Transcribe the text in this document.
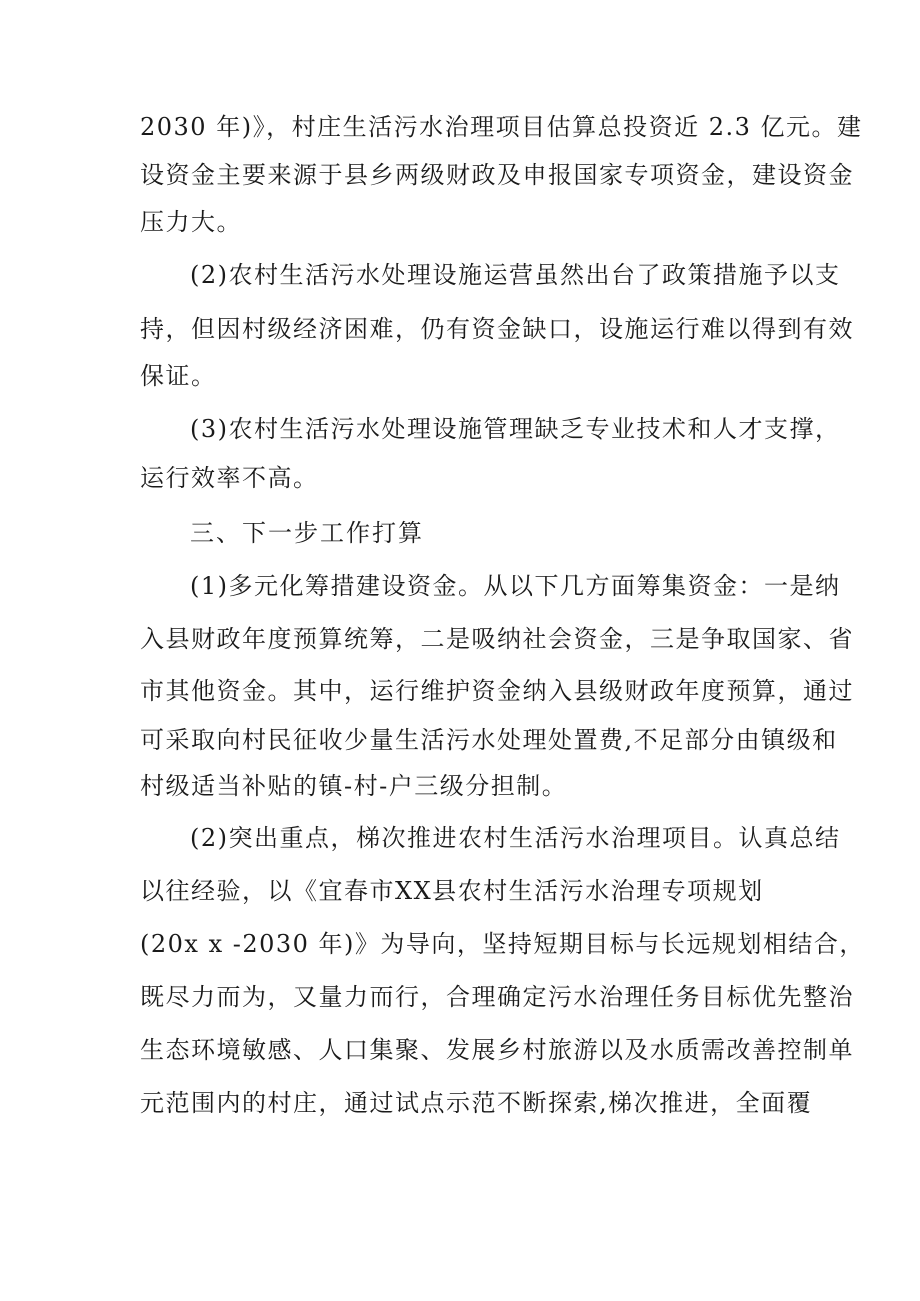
2030 年)》，村庄生活污水治理项目估算总投资近 2.3 亿元。建
设资金主要来源于县乡两级财政及申报国家专项资金，建设资金
压力大。
(2)农村生活污水处理设施运营虽然出台了政策措施予以支
持，但因村级经济困难，仍有资金缺口，设施运行难以得到有效
保证。
(3)农村生活污水处理设施管理缺乏专业技术和人才支撑，
运行效率不高。
三、下一步工作打算
(1)多元化筹措建设资金。从以下几方面筹集资金：一是纳
入县财政年度预算统筹，二是吸纳社会资金，三是争取国家、省
市其他资金。其中，运行维护资金纳入县级财政年度预算，通过
可采取向村民征收少量生活污水处理处置费,不足部分由镇级和
村级适当补贴的镇-村-户三级分担制。
(2)突出重点，梯次推进农村生活污水治理项目。认真总结
以往经验，以《宜春市XX县农村生活污水治理专项规划
(20x x -2030 年)》为导向，坚持短期目标与长远规划相结合，
既尽力而为，又量力而行，合理确定污水治理任务目标优先整治
生态环境敏感、人口集聚、发展乡村旅游以及水质需改善控制单
元范围内的村庄，通过试点示范不断探索,梯次推进，全面覆
